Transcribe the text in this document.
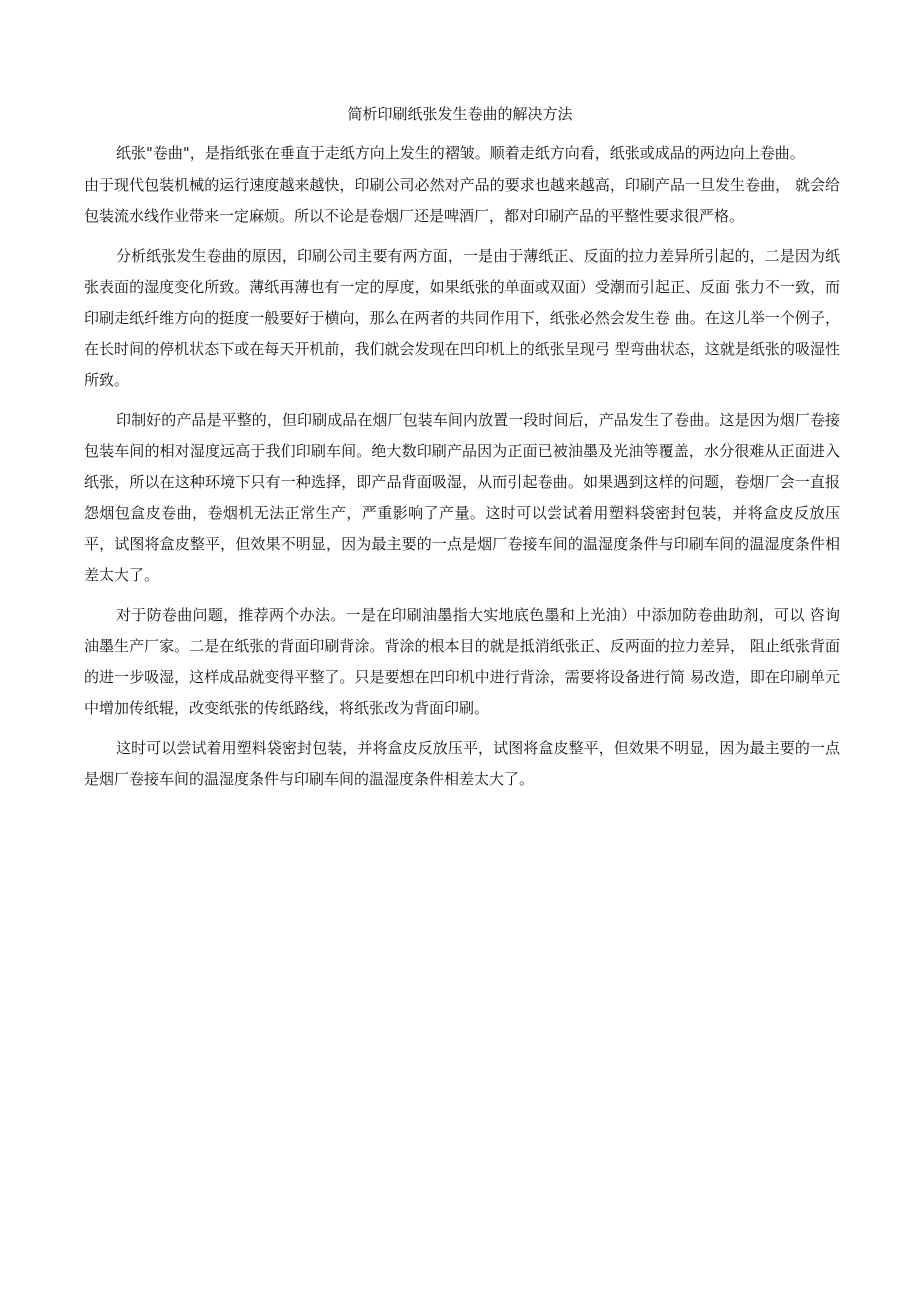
简析印刷纸张发生卷曲的解决方法

纸张"卷曲"，是指纸张在垂直于走纸方向上发生的褶皱。顺着走纸方向看，纸张或成品的两边向上卷曲。

由于现代包装机械的运行速度越来越快，印刷公司必然对产品的要求也越来越高，印刷产品一旦发生卷曲， 就会给包装流水线作业带来一定麻烦。所以不论是卷烟厂还是啤酒厂，都对印刷产品的平整性要求很严格。

分析纸张发生卷曲的原因，印刷公司主要有两方面，一是由于薄纸正、反面的拉力差异所引起的，二是因为纸张表面的湿度变化所致。薄纸再薄也有一定的厚度，如果纸张的单面或双面）受潮而引起正、反面 张力不一致，而印刷走纸纤维方向的挺度一般要好于横向，那么在两者的共同作用下，纸张必然会发生卷 曲。在这儿举一个例子，在长时间的停机状态下或在每天开机前，我们就会发现在凹印机上的纸张呈现弓 型弯曲状态，这就是纸张的吸湿性所致。

印制好的产品是平整的，但印刷成品在烟厂包装车间内放置一段时间后，产品发生了卷曲。这是因为烟厂卷接包装车间的相对湿度远高于我们印刷车间。绝大数印刷产品因为正面已被油墨及光油等覆盖，水分很难从正面进入纸张，所以在这种环境下只有一种选择，即产品背面吸湿，从而引起卷曲。如果遇到这样的问题，卷烟厂会一直报怨烟包盒皮卷曲，卷烟机无法正常生产，严重影响了产量。这时可以尝试着用塑料袋密封包装，并将盒皮反放压平，试图将盒皮整平，但效果不明显，因为最主要的一点是烟厂卷接车间的温湿度条件与印刷车间的温湿度条件相差太大了。

对于防卷曲问题，推荐两个办法。一是在印刷油墨指大实地底色墨和上光油）中添加防卷曲助剂，可以 咨询油墨生产厂家。二是在纸张的背面印刷背涂。背涂的根本目的就是抵消纸张正、反两面的拉力差异， 阻止纸张背面的进一步吸湿，这样成品就变得平整了。只是要想在凹印机中进行背涂，需要将设备进行简 易改造，即在印刷单元中增加传纸辊，改变纸张的传纸路线，将纸张改为背面印刷。

这时可以尝试着用塑料袋密封包装，并将盒皮反放压平，试图将盒皮整平，但效果不明显，因为最主要的一点是烟厂卷接车间的温湿度条件与印刷车间的温湿度条件相差太大了。
